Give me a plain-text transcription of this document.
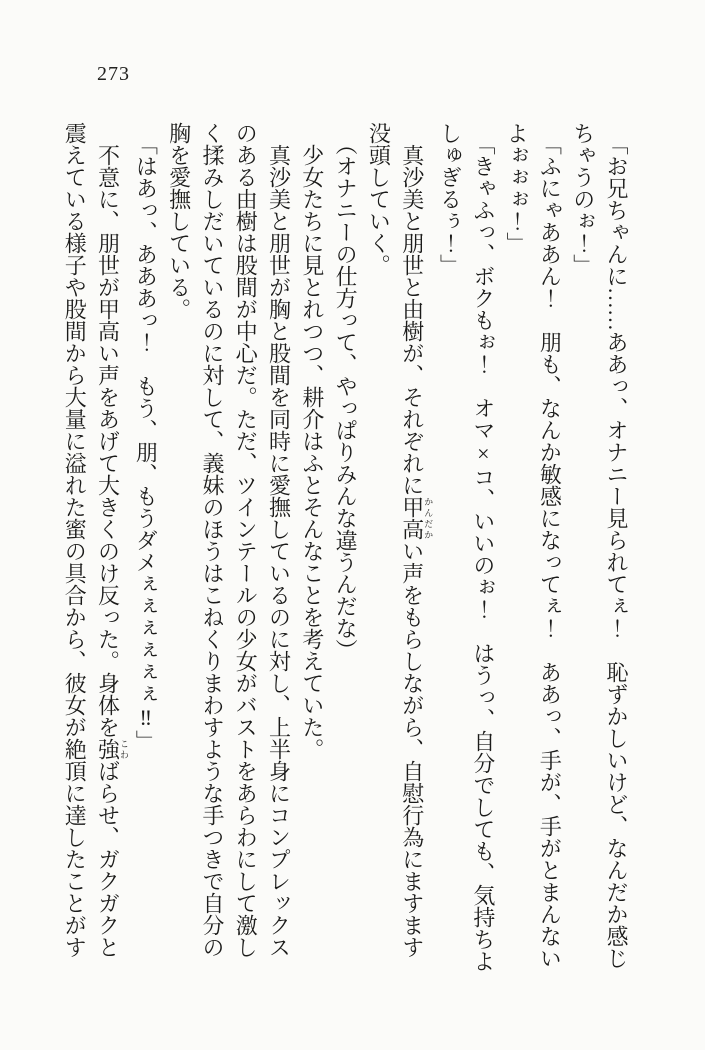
273
「お兄ちゃんに……ああっ、オナニー見られてぇ！　恥ずかしいけど、なんだか感じ
ちゃうのぉ！」
「ふにゃああん！　朋も、なんか敏感になってぇ！　ああっ、手が、手がとまんない
よぉぉぉ！」
「きゃふっ、ボクもぉ！　オマ×コ、いいのぉ！　はうっ、自分でしても、気持ちよ
しゅぎるぅ！」
真沙美と朋世と由樹が、それぞれに甲高かんだかい声をもらしながら、自慰行為にますます
没頭していく。
（オナニーの仕方って、やっぱりみんな違うんだな）
少女たちに見とれつつ、耕介はふとそんなことを考えていた。
真沙美と朋世が胸と股間を同時に愛撫しているのに対し、上半身にコンプレックス
のある由樹は股間が中心だ。ただ、ツインテールの少女がバストをあらわにして激し
く揉みしだいているのに対して、義妹のほうはこねくりまわすような手つきで自分の
胸を愛撫している。
「はあっ、あああっ！　もう、朋、もうダメぇぇぇぇぇぇ‼」
不意に、朋世が甲高い声をあげて大きくのけ反った。身体を強こわばらせ、ガクガクと
震えている様子や股間から大量に溢れた蜜の具合から、彼女が絶頂に達したことがす
